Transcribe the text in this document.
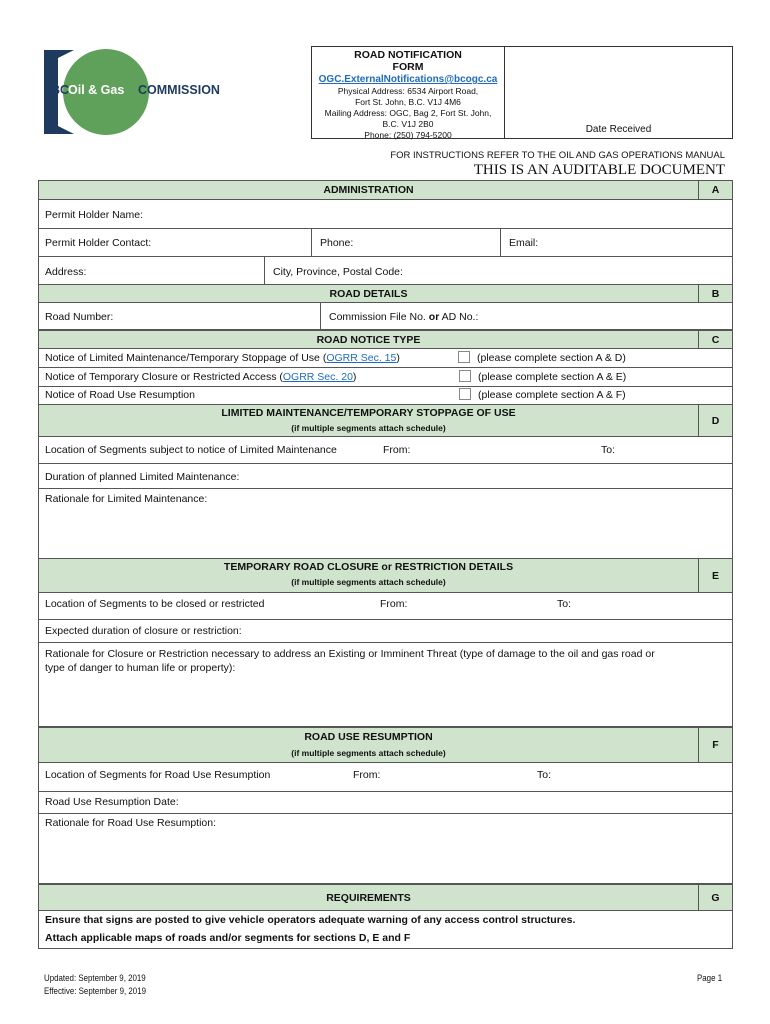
BC
Oil & Gas COMMISSION
ROAD NOTIFICATION
FORM
OGC.ExternalNotifications@bcogc.ca
Physical Address: 6534 Airport Road,
Fort St. John, B.C. V1J 4M6
Mailing Address: OGC, Bag 2, Fort St. John,
B.C. V1J 2B0
Phone: (250) 794-5200	Date Received
FOR INSTRUCTIONS REFER TO THE OIL AND GAS OPERATIONS MANUAL
THIS IS AN AUDITABLE DOCUMENT
ADMINISTRATION	A
Permit Holder Name:
Permit Holder Contact:	Phone:	Email:
Address:	City, Province, Postal Code:
ROAD DETAILS	B
Road Number:	Commission File No. or AD No.:
ROAD NOTICE TYPE	C
Notice of Limited Maintenance/Temporary Stoppage of Use (OGRR Sec. 15)	(please complete section A & D)
Notice of Temporary Closure or Restricted Access (OGRR Sec. 20)	(please complete section A & E)
Notice of Road Use Resumption	(please complete section A & F)
LIMITED MAINTENANCE/TEMPORARY STOPPAGE OF USE
(if multiple segments attach schedule)
D
Location of Segments subject to notice of Limited Maintenance	From:	To:
Duration of planned Limited Maintenance:
Rationale for Limited Maintenance:
TEMPORARY ROAD CLOSURE or RESTRICTION DETAILS
(if multiple segments attach schedule)
E
Location of Segments to be closed or restricted	From:	To:
Expected duration of closure or restriction:
Rationale for Closure or Restriction necessary to address an Existing or Imminent Threat (type of damage to the oil and gas road or
type of danger to human life or property):
ROAD USE RESUMPTION
(if multiple segments attach schedule)
F
Location of Segments for Road Use Resumption	From:	To:
Road Use Resumption Date:
Rationale for Road Use Resumption:
REQUIREMENTS	G
Ensure that signs are posted to give vehicle operators adequate warning of any access control structures.
Attach applicable maps of roads and/or segments for sections D, E and F
Updated: September 9, 2019
Effective: September 9, 2019
Page 1
